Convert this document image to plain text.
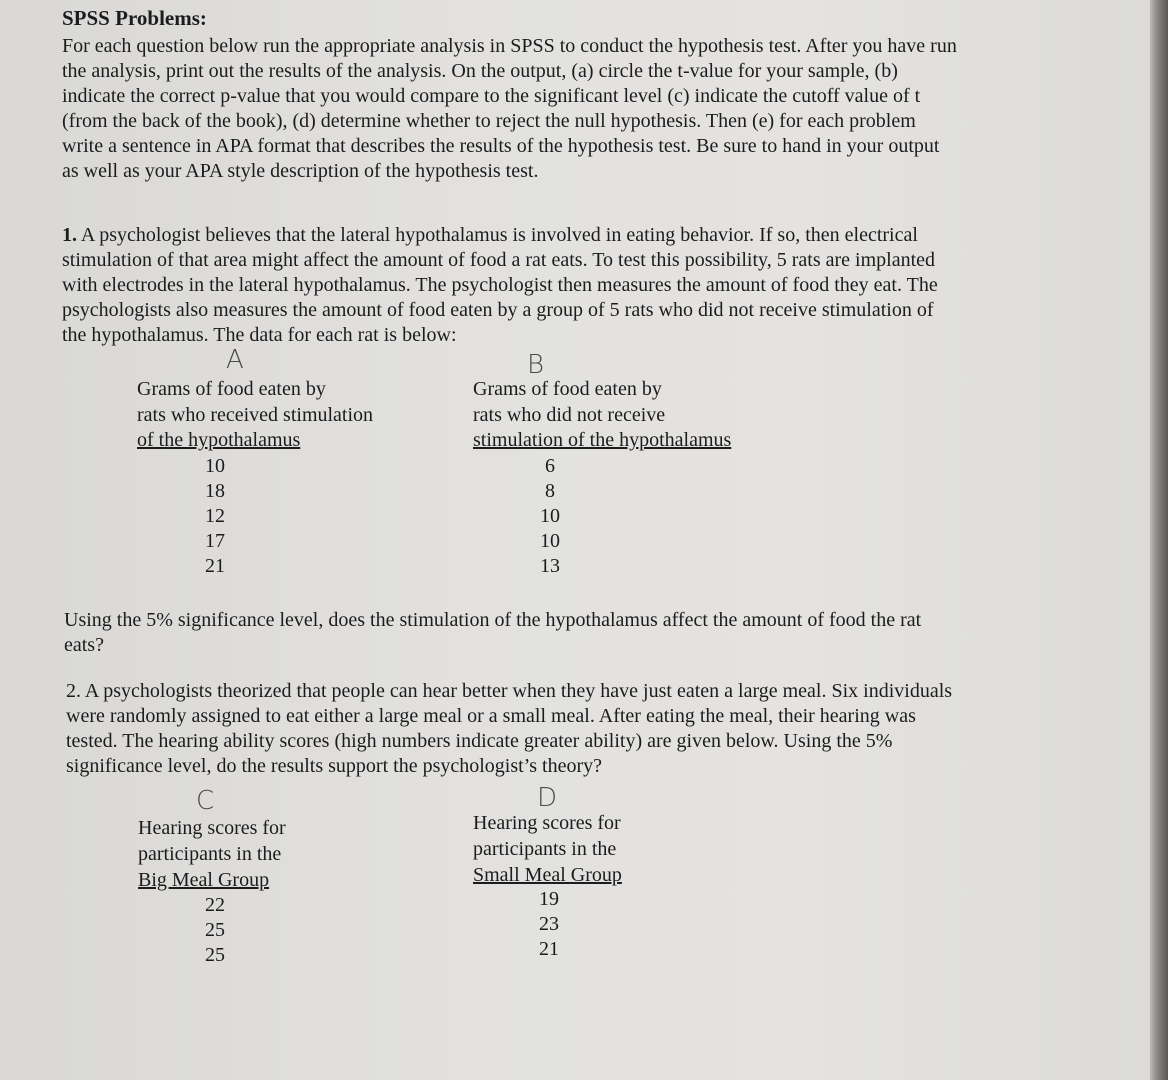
SPSS Problems:
For each question below run the appropriate analysis in SPSS to conduct the hypothesis test. After you have run
the analysis, print out the results of the analysis. On the output, (a) circle the t-value for your sample, (b)
indicate the correct p-value that you would compare to the significant level (c) indicate the cutoff value of t
(from the back of the book), (d) determine whether to reject the null hypothesis. Then (e) for each problem
write a sentence in APA format that describes the results of the hypothesis test. Be sure to hand in your output
as well as your APA style description of the hypothesis test.
1. A psychologist believes that the lateral hypothalamus is involved in eating behavior. If so, then electrical
stimulation of that area might affect the amount of food a rat eats. To test this possibility, 5 rats are implanted
with electrodes in the lateral hypothalamus. The psychologist then measures the amount of food they eat. The
psychologists also measures the amount of food eaten by a group of 5 rats who did not receive stimulation of
the hypothalamus. The data for each rat is below:
A	B
Grams of food eaten by
rats who received stimulation
of the hypothalamus
10
18
12
17
21
Grams of food eaten by
rats who did not receive
stimulation of the hypothalamus
6
8
10
10
13
Using the 5% significance level, does the stimulation of the hypothalamus affect the amount of food the rat
eats?
2. A psychologists theorized that people can hear better when they have just eaten a large meal. Six individuals
were randomly assigned to eat either a large meal or a small meal. After eating the meal, their hearing was
tested. The hearing ability scores (high numbers indicate greater ability) are given below. Using the 5%
significance level, do the results support the psychologist’s theory?
C	D
Hearing scores for
participants in the
Big Meal Group
22
25
25
Hearing scores for
participants in the
Small Meal Group
19
23
21
